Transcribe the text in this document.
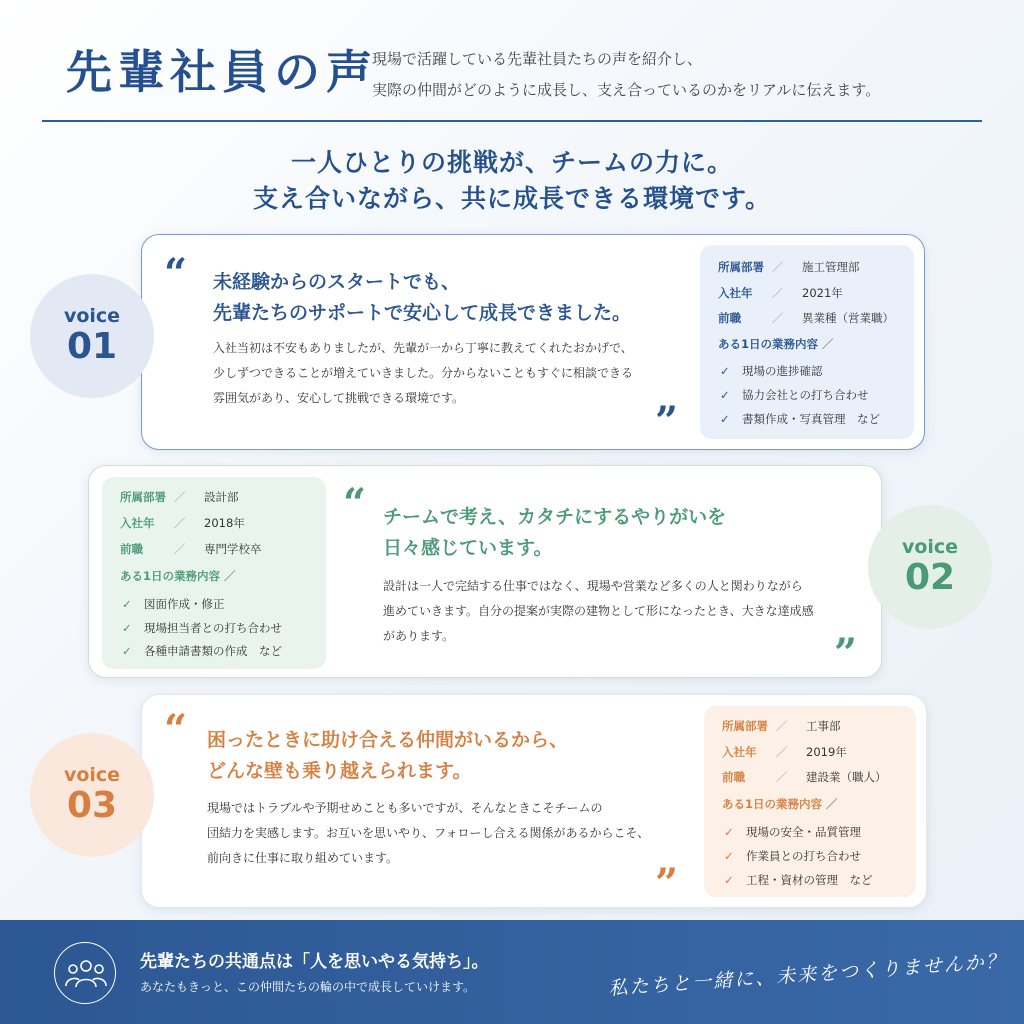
先輩社員の声
現場で活躍している先輩社員たちの声を紹介し、
実際の仲間がどのように成長し、支え合っているのかをリアルに伝えます。
一人ひとりの挑戦が、チームの力に。
支え合いながら、共に成長できる環境です。
voice
01
“ 未経験からのスタートでも、
先輩たちのサポートで安心して成長できました。
入社当初は不安もありましたが、先輩が一から丁寧に教えてくれたおかげで、
少しずつできることが増えていきました。分からないこともすぐに相談できる
雰囲気があり、安心して挑戦できる環境です。	”
所属部署 ／ 施工管理部
入社年 ／ 2021年
前職	／ 異業種（営業職）
ある1日の業務内容 ／
✓ 現場の進捗確認
✓ 協力会社との打ち合わせ
✓ 書類作成・写真管理　など
voice
02
所属部署 ／ 設計部
入社年 ／ 2018年
前職	／ 専門学校卒
ある1日の業務内容 ／
✓ 図面作成・修正
✓ 現場担当者との打ち合わせ
✓ 各種申請書類の作成　など
“ チームで考え、カタチにするやりがいを
日々感じています。
設計は一人で完結する仕事ではなく、現場や営業など多くの人と関わりながら
進めていきます。自分の提案が実際の建物として形になったとき、大きな達成感
があります。	”
voice
03
“ 困ったときに助け合える仲間がいるから、
どんな壁も乗り越えられます。
現場ではトラブルや予期せめことも多いですが、そんなときこそチームの
団結力を実感します。お互いを思いやり、フォローし合える関係があるからこそ、
前向きに仕事に取り組めています。
”
所属部署 ／ 工事部
入社年 ／ 2019年
前職	／ 建設業（職人）
ある1日の業務内容 ／
✓ 現場の安全・品質管理
✓ 作業員との打ち合わせ
✓ 工程・資材の管理　など
先輩たちの共通点は「人を思いやる気持ち」。
あなたもきっと、この仲間たちの輪の中で成長していけます。	私たちと一緒に、未来をつくりませんか？
